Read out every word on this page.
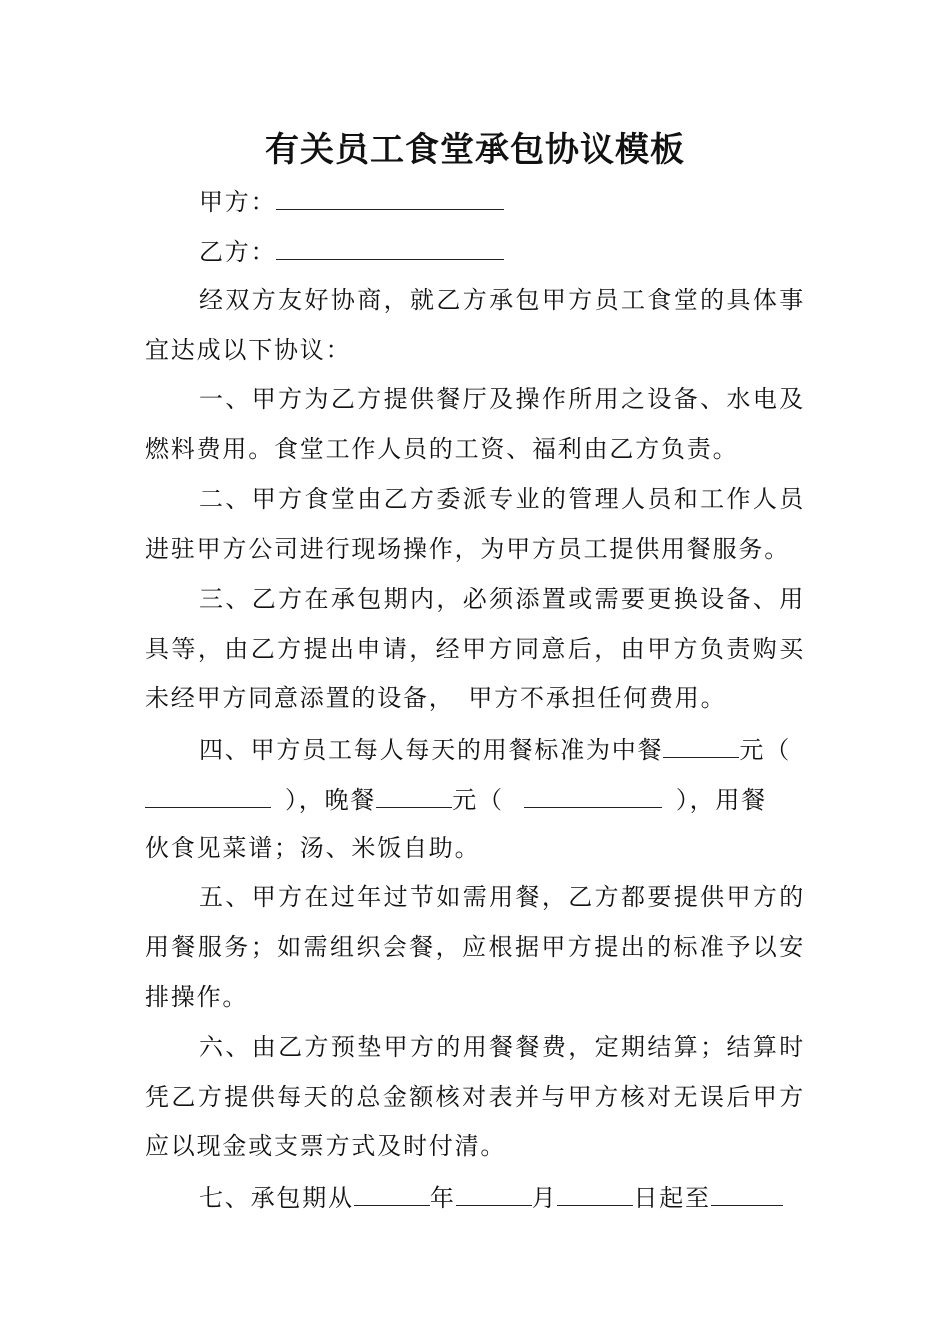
有关员工食堂承包协议模板
甲方：
乙方：
经双方友好协商，就乙方承包甲方员工食堂的具体事
宜达成以下协议：
一、甲方为乙方提供餐厅及操作所用之设备、水电及
燃料费用。食堂工作人员的工资、福利由乙方负责。
二、甲方食堂由乙方委派专业的管理人员和工作人员
进驻甲方公司进行现场操作，为甲方员工提供用餐服务。
三、乙方在承包期内，必须添置或需要更换设备、用
具等，由乙方提出申请，经甲方同意后，由甲方负责购买
未经甲方同意添置的设备，　甲方不承担任何费用。
四、甲方员工每人每天的用餐标准为中餐	元（
），晚餐	元（	），用餐
伙食见菜谱；汤、米饭自助。
五、甲方在过年过节如需用餐，乙方都要提供甲方的
用餐服务；如需组织会餐，应根据甲方提出的标准予以安
排操作。
六、由乙方预垫甲方的用餐餐费，定期结算；结算时
凭乙方提供每天的总金额核对表并与甲方核对无误后甲方
应以现金或支票方式及时付清。
七、承包期从	年	月	日起至
